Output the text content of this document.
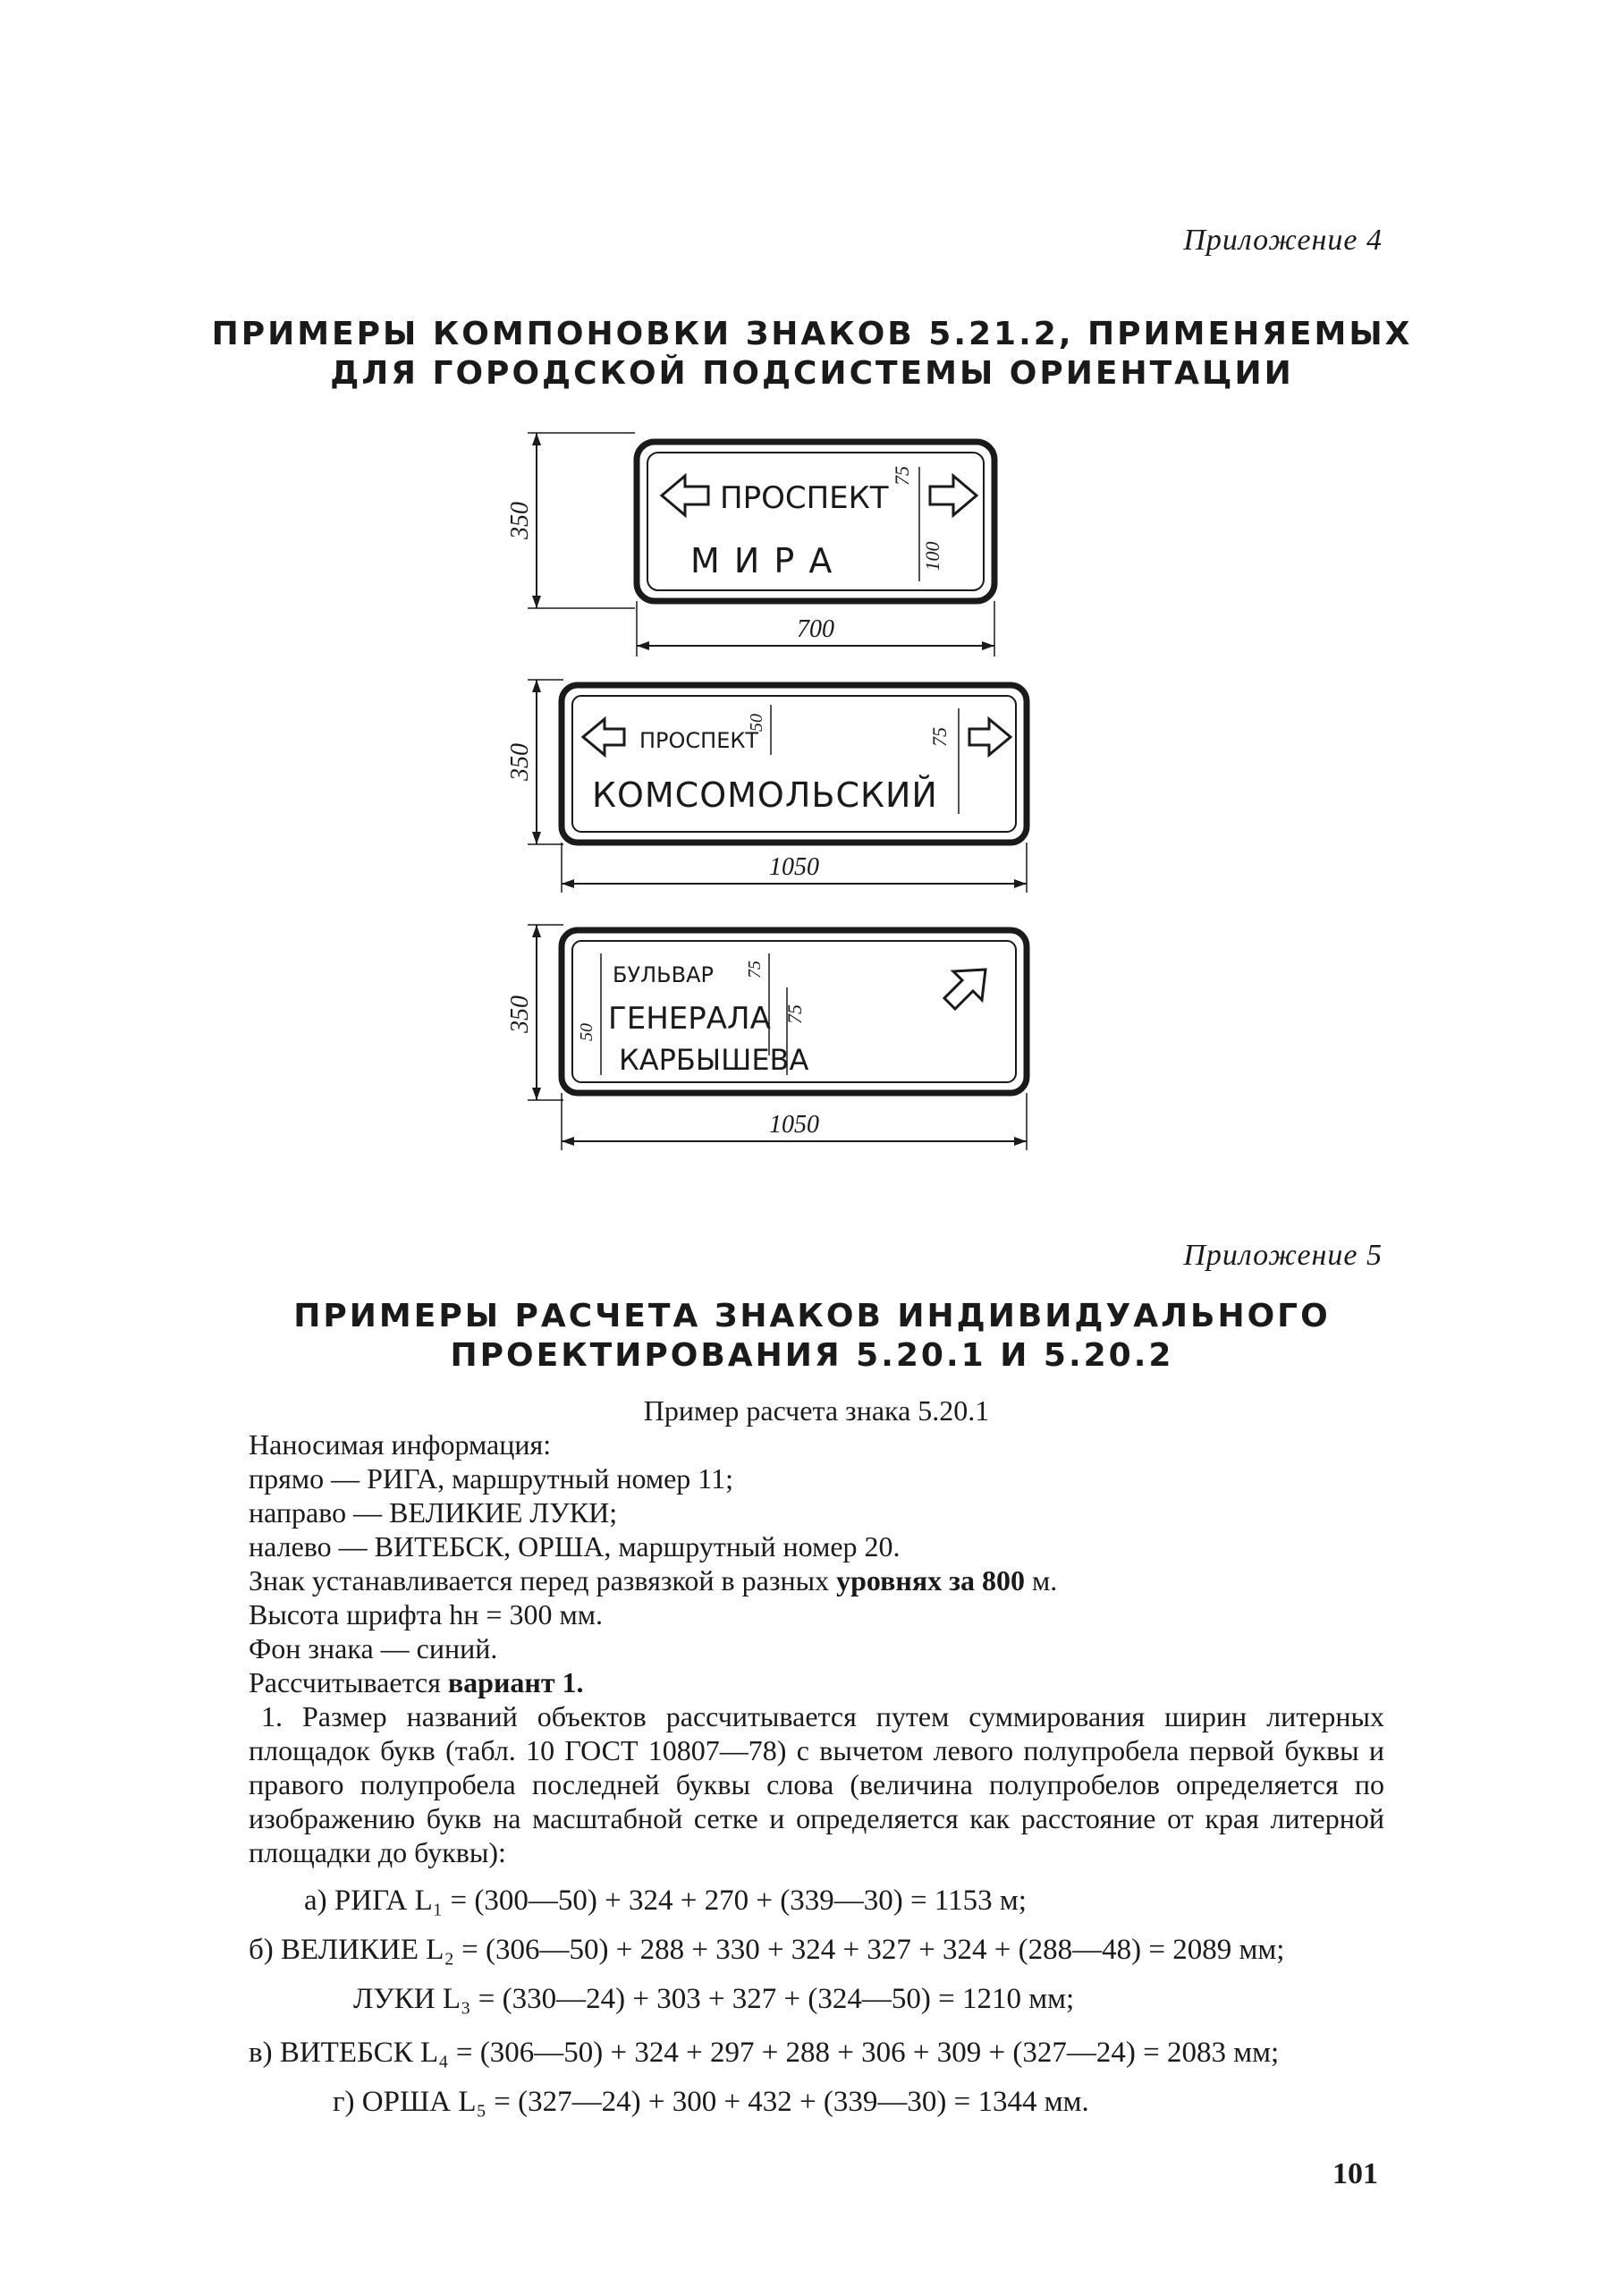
Приложение 4
ПРИМЕРЫ КОМПОНОВКИ ЗНАКОВ 5.21.2, ПРИМЕНЯЕМЫХ
ДЛЯ ГОРОДСКОЙ ПОДСИСТЕМЫ ОРИЕНТАЦИИ
350
ПРОСПЕКТ
75
100
М И Р А
700
350
ПРОСПЕКТ
50
75
КОМСОМОЛЬСКИЙ
1050
350 50
БУЛЬВАР
ГЕНЕРАЛА
КАРБЫШЕВА
75
75
1050
Приложение 5
ПРИМЕРЫ РАСЧЕТА ЗНАКОВ ИНДИВИДУАЛЬНОГО
ПРОЕКТИРОВАНИЯ 5.20.1 И 5.20.2
Пример расчета знака 5.20.1
Наносимая информация:
прямо — РИГА, маршрутный номер 11;
направо — ВЕЛИКИЕ ЛУКИ;
налево — ВИТЕБСК, ОРША, маршрутный номер 20.
Знак устанавливается перед развязкой в разных уровнях за 800 м.
Высота шрифта hн = 300 мм.
Фон знака — синий.
Рассчитывается вариант 1.
1. Размер названий объектов рассчитывается путем суммирования ширин литерных площадок букв (табл. 10 ГОСТ 10807—78) с вычетом левого полупробела первой буквы и правого полупробела последней буквы слова (величина полупробелов определяется по изображению букв на масштабной сетке и определяется как расстояние от края литерной площадки до буквы):
а) РИГА L₁ = (300—50) + 324 + 270 + (339—30) = 1153 м;
б) ВЕЛИКИЕ L₂ = (306—50) + 288 + 330 + 324 + 327 + 324 + (288—48) = 2089 мм;
ЛУКИ L₃ = (330—24) + 303 + 327 + (324—50) = 1210 мм;
в) ВИТЕБСК L₄ = (306—50) + 324 + 297 + 288 + 306 + 309 + (327—24) = 2083 мм;
г) ОРША L₅ = (327—24) + 300 + 432 + (339—30) = 1344 мм.
101
